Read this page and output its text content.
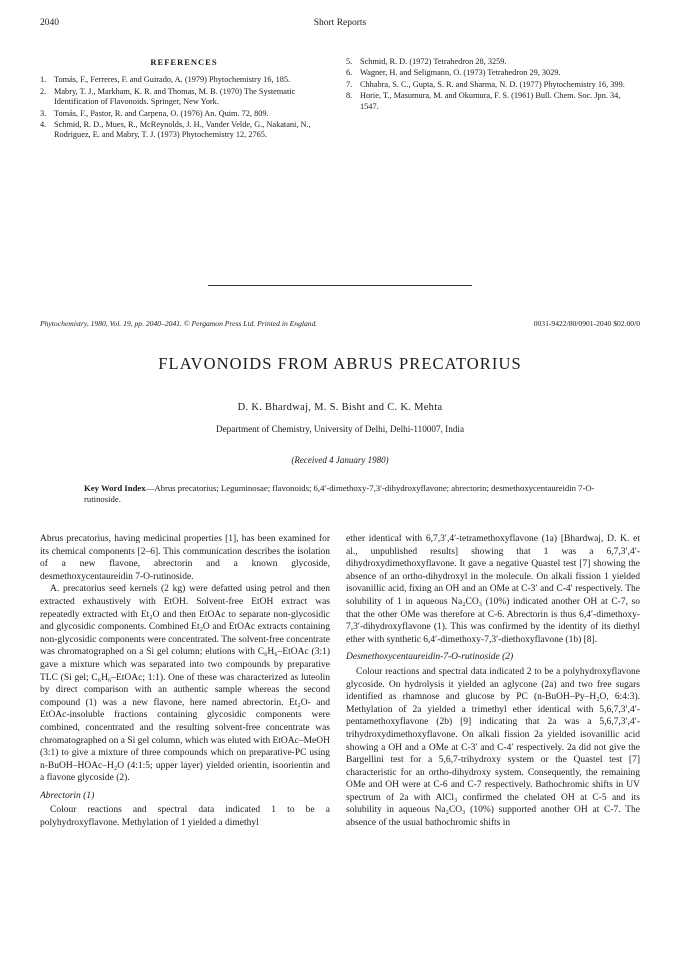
2040	Short Reports
REFERENCES
1. Tomás, F., Ferreres, F. and Guirado, A. (1979) Phytochemistry 16, 185.
2. Mabry, T. J., Markham, K. R. and Thomas, M. B. (1970) The Systematic Identification of Flavonoids. Springer, New York.
3. Tomás, F., Pastor, R. and Carpena, O. (1976) An. Quim. 72, 809.
4. Schmid, R. D., Mues, R., McReynolds, J. H., Vander Velde, G., Nakatani, N., Rodriguez, E. and Mabry, T. J. (1973) Phytochemistry 12, 2765.
5. Schmid, R. D. (1972) Tetrahedron 28, 3259.
6. Wagner, H. and Seligmann, O. (1973) Tetrahedron 29, 3029.
7. Chhabra, S. C., Gupta, S. R. and Sharma, N. D. (1977) Phytochemistry 16, 399.
8. Horie, T., Masumura, M. and Okumura, F. S. (1961) Bull. Chem. Soc. Jpn. 34, 1547.
Phytochemistry, 1980, Vol. 19, pp. 2040–2041. © Pergamon Press Ltd. Printed in England.	0031-9422/80/0901-2040 $02.00/0
FLAVONOIDS FROM ABRUS PRECATORIUS
D. K. Bhardwaj, M. S. Bisht and C. K. Mehta
Department of Chemistry, University of Delhi, Delhi-110007, India
(Received 4 January 1980)
Key Word Index—Abrus precatorius; Leguminosae; flavonoids; 6,4′-dimethoxy-7,3′-dihydroxyflavone; abrectorin; desmethoxycentaureidin 7-O-rutinoside.

Abrus precatorius, having medicinal properties [1], has been examined for its chemical components [2–6]. This communication describes the isolation of a new flavone, abrectorin and a known glycoside, desmethoxycentaureidin 7-O-rutinoside.

A. precatorius seed kernels (2 kg) were defatted using petrol and then extracted exhaustively with EtOH. Solvent-free EtOH extract was repeatedly extracted with Et₂O and then EtOAc to separate non-glycosidic and glycosidic components. Combined Et₂O and EtOAc extracts containing non-glycosidic components were concentrated. The solvent-free concentrate was chromatographed on a Si gel column; elutions with C₆H₆–EtOAc (3:1) gave a mixture which was separated into two compounds by preparative TLC (Si gel; C₆H₆–EtOAc; 1:1). One of these was characterized as luteolin by direct comparison with an authentic sample whereas the second compound (1) was a new flavone, here named abrectorin. Et₂O- and EtOAc-insoluble fractions containing glycosidic components were combined, concentrated and the resulting solvent-free concentrate was chromatographed on a Si gel column, which was eluted with EtOAc–MeOH (3:1) to give a mixture of three compounds which on preparative-PC using n-BuOH–HOAc–H₂O (4:1:5; upper layer) yielded orientin, isoorientin and a flavone glycoside (2).

Abrectorin (1)

Colour reactions and spectral data indicated 1 to be a polyhydroxyflavone. Methylation of 1 yielded a dimethyl

ether identical with 6,7,3′,4′-tetramethoxyflavone (1a) [Bhardwaj, D. K. et al., unpublished results] showing that 1 was a 6,7,3′,4′-dihydroxydimethoxyflavone. It gave a negative Quastel test [7] showing the absence of an ortho-dihydroxyl in the molecule. On alkali fission 1 yielded isovanillic acid, fixing an OH and an OMe at C-3′ and C-4′ respectively. The solubility of 1 in aqueous Na₂CO₃ (10%) indicated another OH at C-7, so that the other OMe was therefore at C-6. Abrectorin is thus 6,4′-dimethoxy-7,3′-dihydroxyflavone (1). This was confirmed by the identity of its diethyl ether with synthetic 6,4′-dimethoxy-7,3′-diethoxyflavone (1b) [8].

Desmethoxycentaureidin-7-O-rutinoside (2)

Colour reactions and spectral data indicated 2 to be a polyhydroxyflavone glycoside. On hydrolysis it yielded an aglycone (2a) and two free sugars identified as rhamnose and glucose by PC (n-BuOH–Py–H₂O, 6:4:3). Methylation of 2a yielded a trimethyl ether identical with 5,6,7,3′,4′-pentamethoxyflavone (2b) [9] indicating that 2a was a 5,6,7,3′,4′-trihydroxydimethoxyflavone. On alkali fission 2a yielded isovanillic acid showing a OH and a OMe at C-3′ and C-4′ respectively. 2a did not give the Bargellini test for a 5,6,7-trihydroxy system or the Quastel test [7] characteristic for an ortho-dihydroxy system. Consequently, the remaining OMe and OH were at C-6 and C-7 respectively. Bathochromic shifts in UV spectrum of 2a with AlCl₃ confirmed the chelated OH at C-5 and its solubility in aqueous Na₂CO₃ (10%) supported another OH at C-7. The absence of the usual bathochromic shifts in
